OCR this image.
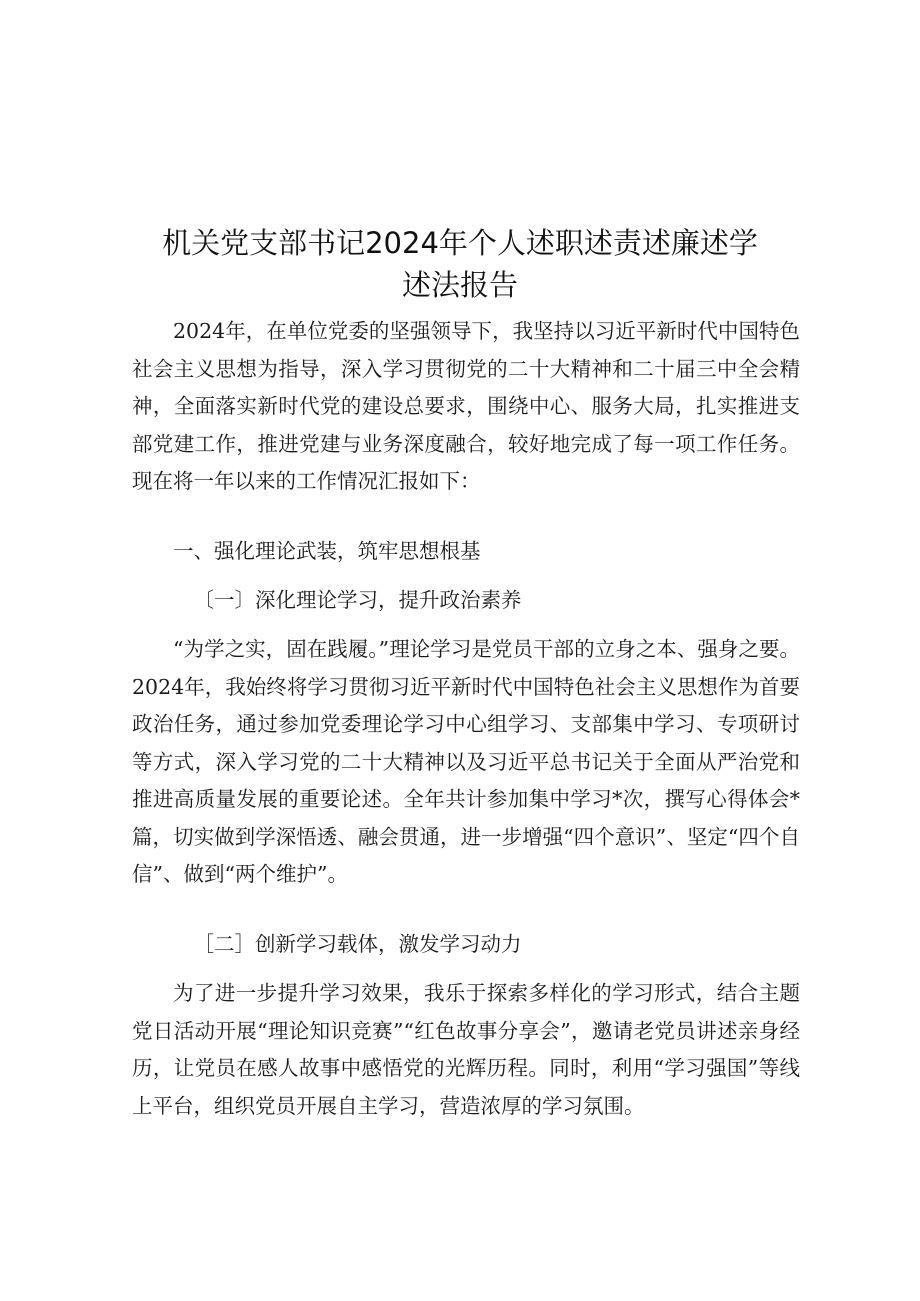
机关党支部书记2024年个人述职述责述廉述学
述法报告

2024年，在单位党委的坚强领导下，我坚持以习近平新时代中国特色社会主义思想为指导，深入学习贯彻党的二十大精神和二十届三中全会精神，全面落实新时代党的建设总要求，围绕中心、服务大局，扎实推进支部党建工作，推进党建与业务深度融合，较好地完成了每一项工作任务。现在将一年以来的工作情况汇报如下：

一、强化理论武装，筑牢思想根基

〔一〕深化理论学习，提升政治素养

“为学之实，固在践履。”理论学习是党员干部的立身之本、强身之要。2024年，我始终将学习贯彻习近平新时代中国特色社会主义思想作为首要政治任务，通过参加党委理论学习中心组学习、支部集中学习、专项研讨等方式，深入学习党的二十大精神以及习近平总书记关于全面从严治党和推进高质量发展的重要论述。全年共计参加集中学习*次，撰写心得体会*篇，切实做到学深悟透、融会贯通，进一步增强“四个意识”、坚定“四个自信”、做到“两个维护”。

［二］创新学习载体，激发学习动力

为了进一步提升学习效果，我乐于探索多样化的学习形式，结合主题党日活动开展“理论知识竞赛”“红色故事分享会”，邀请老党员讲述亲身经历，让党员在感人故事中感悟党的光辉历程。同时，利用“学习强国”等线上平台，组织党员开展自主学习，营造浓厚的学习氛围。
